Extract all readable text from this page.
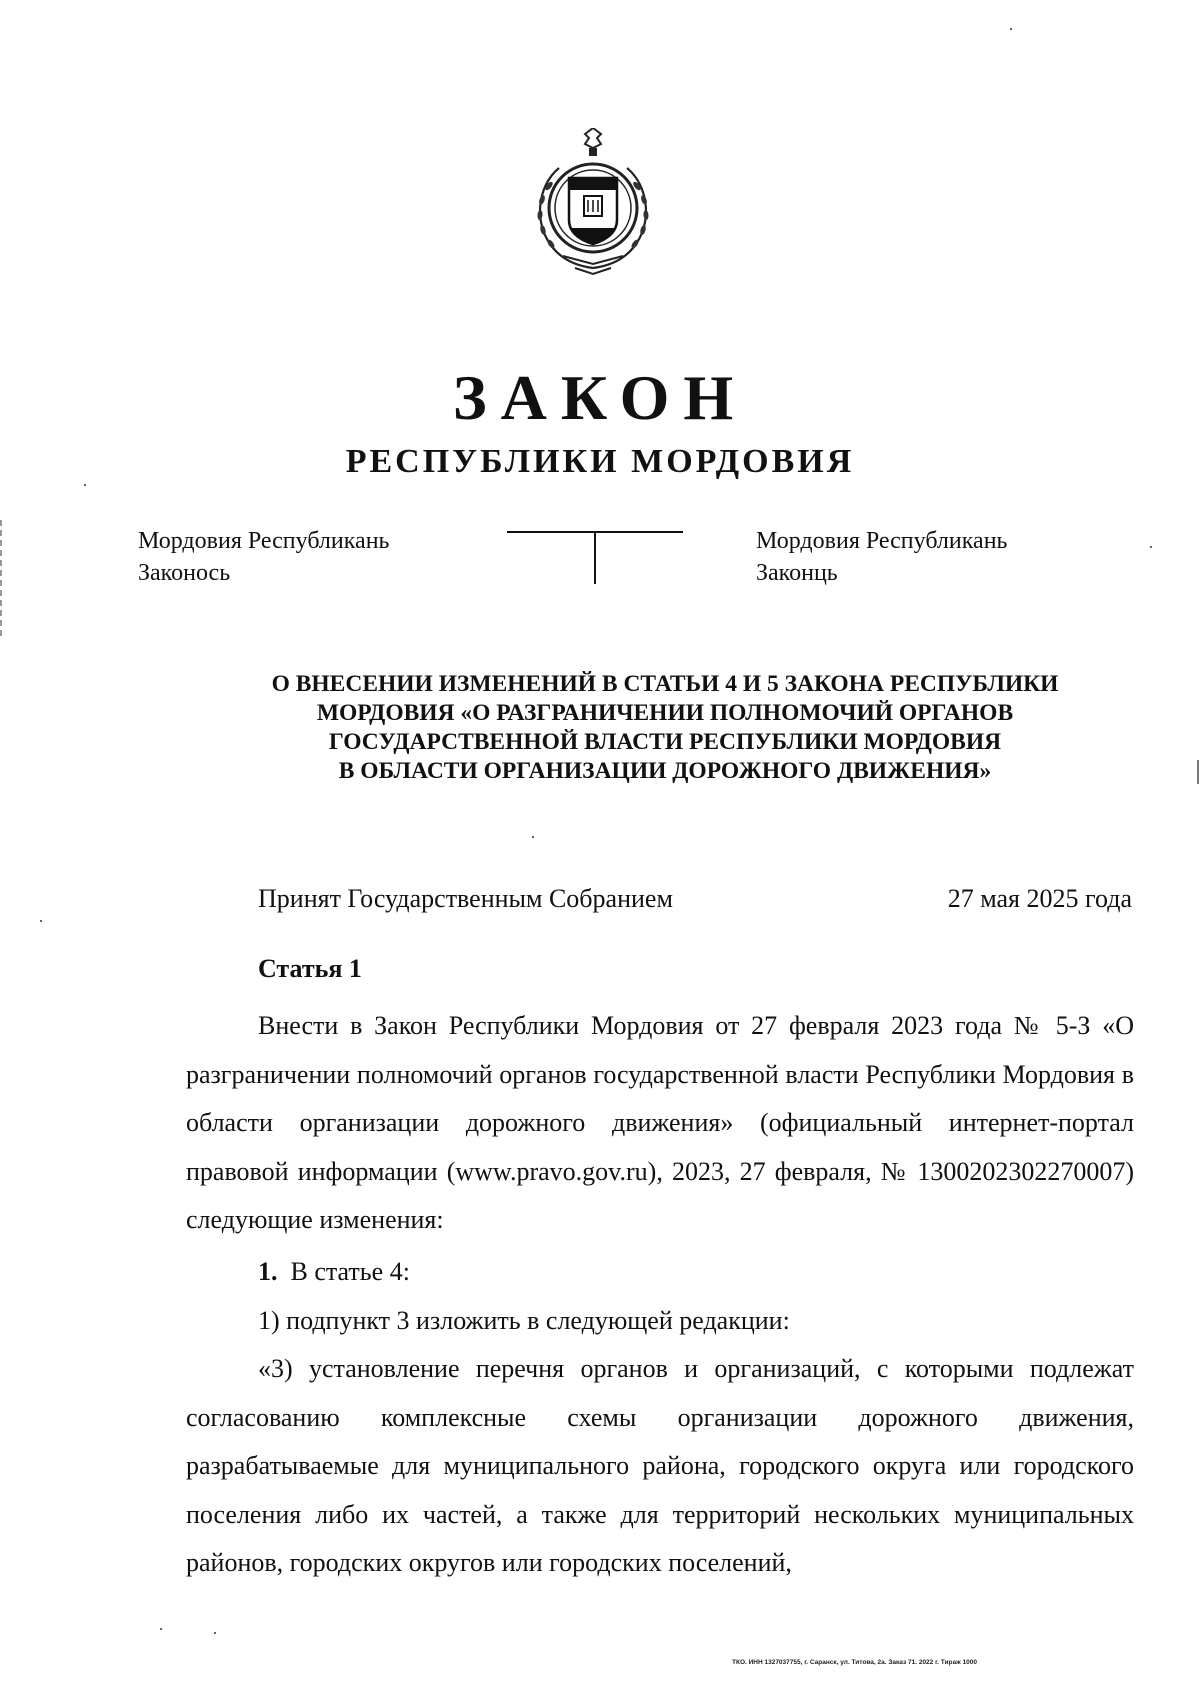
ЗАКОН
РЕСПУБЛИКИ МОРДОВИЯ
Мордовия Республикань
Законось
Мордовия Республикань
Законць
О ВНЕСЕНИИ ИЗМЕНЕНИЙ В СТАТЬИ 4 И 5 ЗАКОНА РЕСПУБЛИКИ
МОРДОВИЯ «О РАЗГРАНИЧЕНИИ ПОЛНОМОЧИЙ ОРГАНОВ
ГОСУДАРСТВЕННОЙ ВЛАСТИ РЕСПУБЛИКИ МОРДОВИЯ
В ОБЛАСТИ ОРГАНИЗАЦИИ ДОРОЖНОГО ДВИЖЕНИЯ»
Принят Государственным Собранием	27 мая 2025 года
Статья 1

Внести в Закон Республики Мордовия от 27 февраля 2023 года № 5-З «О разграничении полномочий органов государственной власти Республики Мордовия в области организации дорожного движения» (официальный интернет-портал правовой информации (www.pravo.gov.ru), 2023, 27 февраля, № 1300202302270007) следующие изменения:

1. В статье 4:

1) подпункт 3 изложить в следующей редакции:

«3) установление перечня органов и организаций, с которыми подлежат согласованию комплексные схемы организации дорожного движения, разрабатываемые для муниципального района, городского округа или городского поселения либо их частей, а также для территорий нескольких муниципальных районов, городских округов или городских поселений,

ТКО. ИНН 1327037755, г. Саранск, ул. Титова, 2а. Заказ 71. 2022 г. Тираж 1000
